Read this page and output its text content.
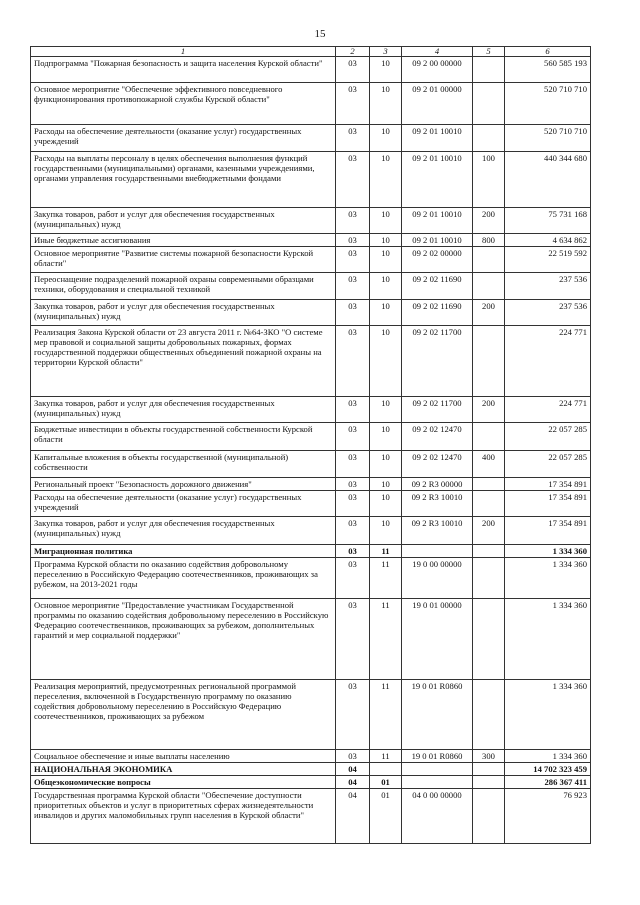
15
1	2	3	4	5	6
Подпрограмма "Пожарная безопасность и защита населения Курской области"	03	10	09 2 00 00000		560 585 193
Основное мероприятие "Обеспечение эффективного повседневного функционирования противопожарной службы Курской области"	03	10	09 2 01 00000		520 710 710
Расходы на обеспечение деятельности (оказание услуг) государственных учреждений	03	10	09 2 01 10010		520 710 710
Расходы на выплаты персоналу в целях обеспечения выполнения функций государственными (муниципальными) органами, казенными учреждениями, органами управления государственными внебюджетными фондами	03	10	09 2 01 10010	100	440 344 680
Закупка товаров, работ и услуг для обеспечения государственных (муниципальных) нужд	03	10	09 2 01 10010	200	75 731 168
Иные бюджетные ассигнования	03	10	09 2 01 10010	800	4 634 862
Основное мероприятие "Развитие системы пожарной безопасности Курской области"	03	10	09 2 02 00000		22 519 592
Переоснащение подразделений пожарной охраны современными образцами техники, оборудования и специальной техникой	03	10	09 2 02 11690		237 536
Закупка товаров, работ и услуг для обеспечения государственных (муниципальных) нужд	03	10	09 2 02 11690	200	237 536
Реализация Закона Курской области от 23 августа 2011 г. №64-ЗКО "О системе мер правовой и социальной защиты добровольных пожарных, формах государственной поддержки общественных объединений пожарной охраны на территории Курской области"	03	10	09 2 02 11700		224 771
Закупка товаров, работ и услуг для обеспечения государственных (муниципальных) нужд	03	10	09 2 02 11700	200	224 771
Бюджетные инвестиции в объекты государственной собственности Курской области	03	10	09 2 02 12470		22 057 285
Капитальные вложения в объекты государственной (муниципальной) собственности	03	10	09 2 02 12470	400	22 057 285
Региональный проект "Безопасность дорожного движения"	03	10	09 2 R3 00000		17 354 891
Расходы на обеспечение деятельности (оказание услуг) государственных учреждений	03	10	09 2 R3 10010		17 354 891
Закупка товаров, работ и услуг для обеспечения государственных (муниципальных) нужд	03	10	09 2 R3 10010	200	17 354 891
Миграционная политика	03	11			1 334 360
Программа Курской области по оказанию содействия добровольному переселению в Российскую Федерацию соотечественников, проживающих за рубежом, на 2013-2021 годы	03	11	19 0 00 00000		1 334 360
Основное мероприятие "Предоставление участникам Государственной программы по оказанию содействия добровольному переселению в Российскую Федерацию соотечественников, проживающих за рубежом, дополнительных гарантий и мер социальной поддержки"	03	11	19 0 01 00000		1 334 360
Реализация мероприятий, предусмотренных региональной программой переселения, включенной в Государственную программу по оказанию содействия добровольному переселению в Российскую Федерацию соотечественников, проживающих за рубежом	03	11	19 0 01 R0860		1 334 360
Социальное обеспечение и иные выплаты населению	03	11	19 0 01 R0860	300	1 334 360
НАЦИОНАЛЬНАЯ ЭКОНОМИКА	04				14 702 323 459
Общеэкономические вопросы	04	01			286 367 411
Государственная программа Курской области "Обеспечение доступности приоритетных объектов и услуг в приоритетных сферах жизнедеятельности инвалидов и других маломобильных групп населения в Курской области"	04	01	04 0 00 00000		76 923
